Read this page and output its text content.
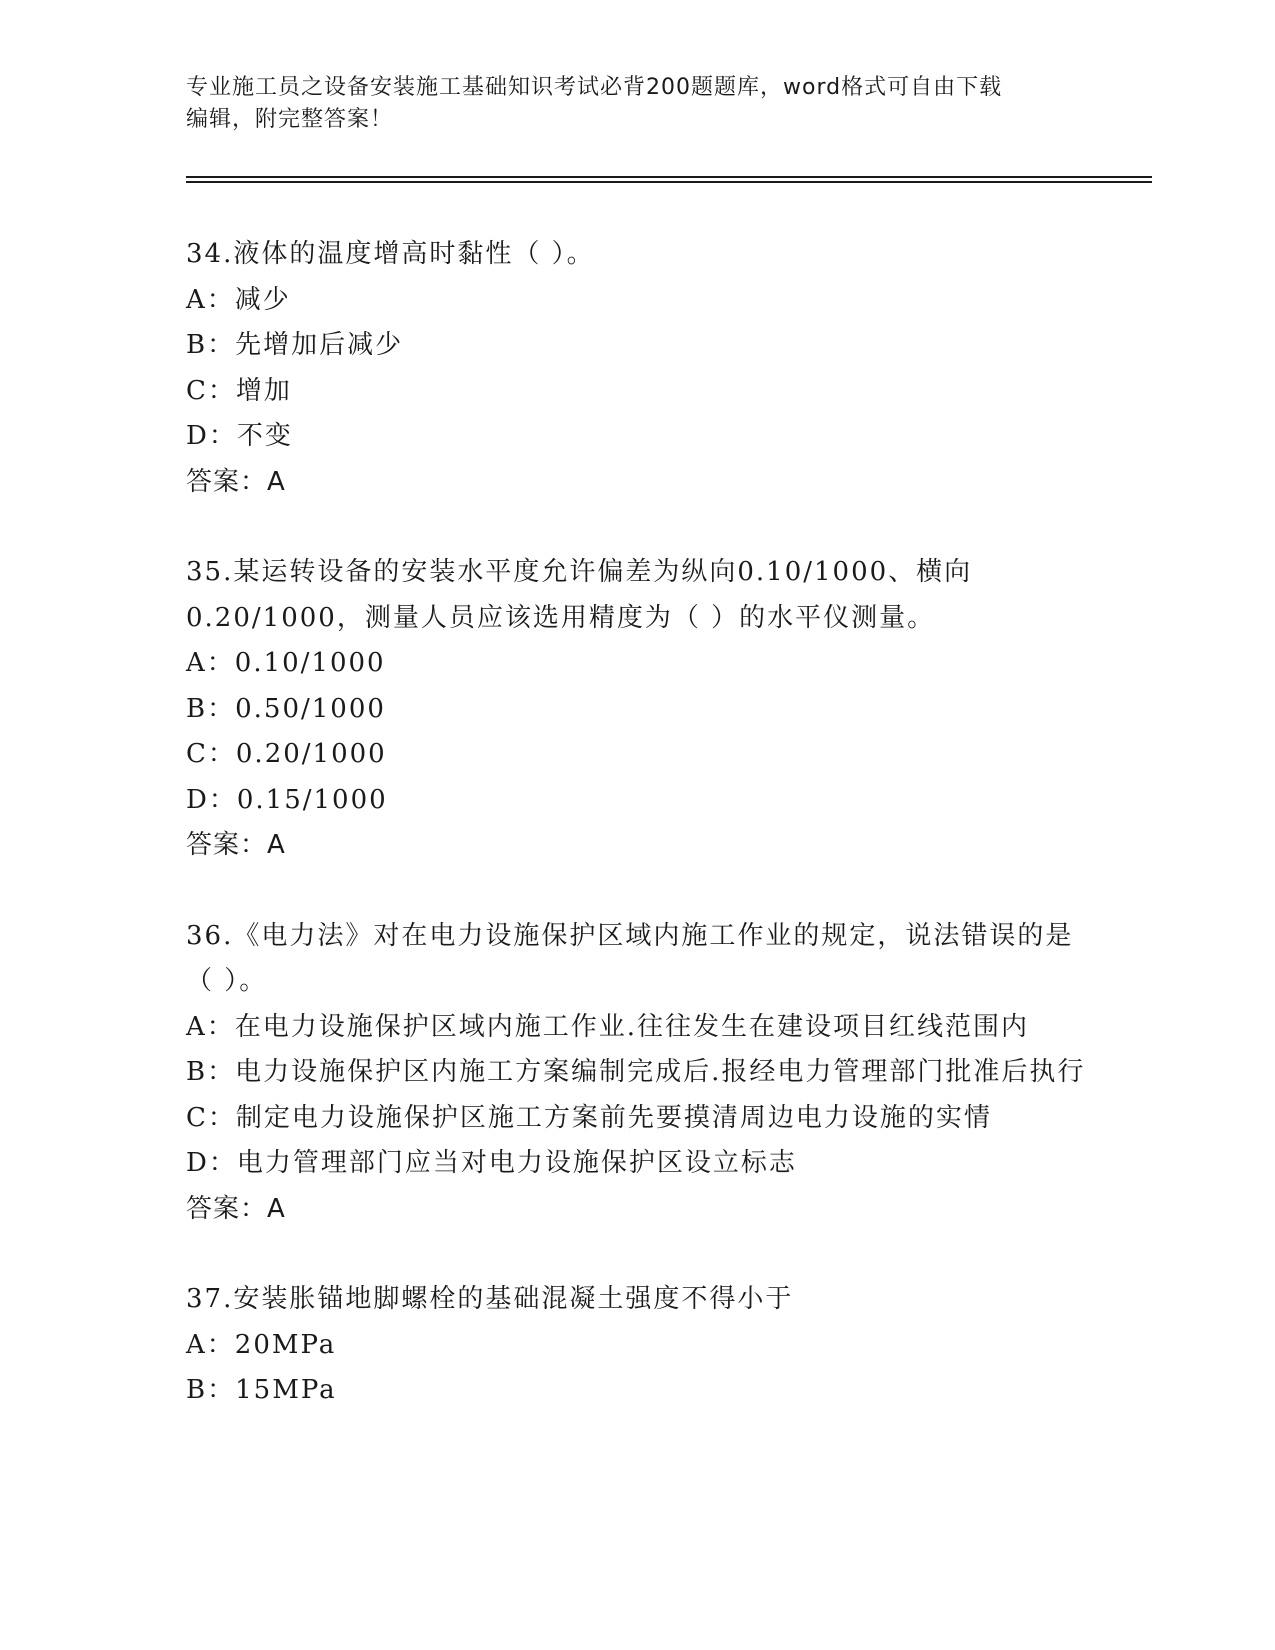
专业施工员之设备安装施工基础知识考试必背200题题库，word格式可自由下载
编辑，附完整答案！
34.液体的温度增高时黏性（ ）。
A：减少
B：先增加后减少
C：增加
D：不变
答案：A
35.某运转设备的安装水平度允许偏差为纵向0.10/1000、横向0.20/1000，测量人员应该选用精度为（ ）的水平仪测量。
A：0.10/1000
B：0.50/1000
C：0.20/1000
D：0.15/1000
答案：A
36.《电力法》对在电力设施保护区域内施工作业的规定，说法错误的是（ ）。
A：在电力设施保护区域内施工作业.往往发生在建设项目红线范围内
B：电力设施保护区内施工方案编制完成后.报经电力管理部门批准后执行
C：制定电力设施保护区施工方案前先要摸清周边电力设施的实情
D：电力管理部门应当对电力设施保护区设立标志
答案：A
37.安装胀锚地脚螺栓的基础混凝土强度不得小于
A：20MPa
B：15MPa
